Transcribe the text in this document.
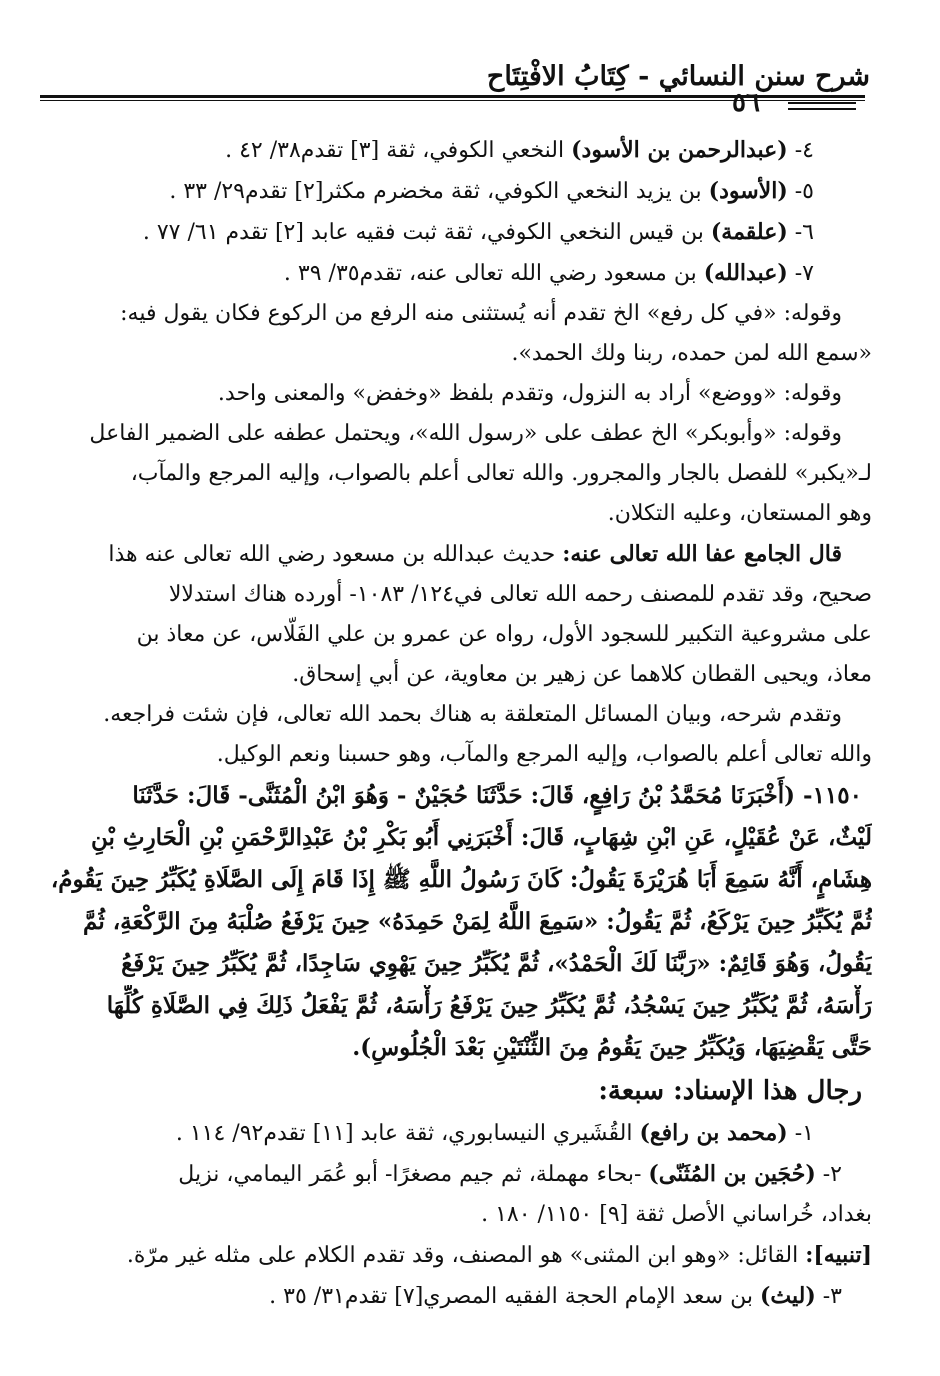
شرح سنن النسائي - كِتَابُ الافْتِتَاح
٥٦

٤- (عبدالرحمن بن الأسود) النخعي الكوفي، ثقة [٣] تقدم٣٨/ ٤٢ .

٥- (الأسود) بن يزيد النخعي الكوفي، ثقة مخضرم مكثر[٢] تقدم٢٩/ ٣٣ .

٦- (علقمة) بن قيس النخعي الكوفي، ثقة ثبت فقيه عابد [٢] تقدم ٦١/ ٧٧ .

٧- (عبدالله) بن مسعود رضي الله تعالى عنه، تقدم٣٥/ ٣٩ .

وقوله: «في كل رفع» الخ تقدم أنه يُستثنى منه الرفع من الركوع فكان يقول فيه:

«سمع الله لمن حمده، ربنا ولك الحمد».

وقوله: «ووضع» أراد به النزول، وتقدم بلفظ «وخفض» والمعنى واحد.

وقوله: «وأبوبكر» الخ عطف على «رسول الله»، ويحتمل عطفه على الضمير الفاعل

لـ«يكبر» للفصل بالجار والمجرور. والله تعالى أعلم بالصواب، وإليه المرجع والمآب،

وهو المستعان، وعليه التكلان.

قال الجامع عفا الله تعالى عنه: حديث عبدالله بن مسعود رضي الله تعالى عنه هذا

صحيح، وقد تقدم للمصنف رحمه الله تعالى في١٢٤/ ١٠٨٣- أورده هناك استدلالا

على مشروعية التكبير للسجود الأول، رواه عن عمرو بن علي الفَلّاس، عن معاذ بن

معاذ، ويحيى القطان كلاهما عن زهير بن معاوية، عن أبي إسحاق.

وتقدم شرحه، وبيان المسائل المتعلقة به هناك بحمد الله تعالى، فإن شئت فراجعه.

والله تعالى أعلم بالصواب، وإليه المرجع والمآب، وهو حسبنا ونعم الوكيل.

١١٥٠- (أَخْبَرَنَا مُحَمَّدُ بْنُ رَافِعٍ، قَالَ: حَدَّثَنَا حُجَيْنٌ - وَهُوَ ابْنُ الْمُثَنَّى- قَالَ: حَدَّثَنَا

لَيْثٌ، عَنْ عُقَيْلٍ، عَنِ ابْنِ شِهَابٍ، قَالَ: أَخْبَرَنِي أَبُو بَكْرِ بْنُ عَبْدِالرَّحْمَنِ بْنِ الْحَارِثِ بْنِ

هِشَامٍ، أَنَّهُ سَمِعَ أَبَا هُرَيْرَةَ يَقُولُ: كَانَ رَسُولُ اللَّهِ ﷺ إِذَا قَامَ إِلَى الصَّلَاةِ يُكَبِّرُ حِينَ يَقُومُ،

ثُمَّ يُكَبِّرُ حِينَ يَرْكَعُ، ثُمَّ يَقُولُ: «سَمِعَ اللَّهُ لِمَنْ حَمِدَهُ» حِينَ يَرْفَعُ صُلْبَهُ مِنَ الرَّكْعَةِ، ثُمَّ

يَقُولُ، وَهُوَ قَائِمٌ: «رَبَّنَا لَكَ الْحَمْدُ»، ثُمَّ يُكَبِّرُ حِينَ يَهْوِي سَاجِدًا، ثُمَّ يُكَبِّرُ حِينَ يَرْفَعُ

رَأْسَهُ، ثُمَّ يُكَبِّرُ حِينَ يَسْجُدُ، ثُمَّ يُكَبِّرُ حِينَ يَرْفَعُ رَأْسَهُ، ثُمَّ يَفْعَلُ ذَلِكَ فِي الصَّلَاةِ كُلِّهَا

حَتَّى يَقْضِيَهَا، وَيُكَبِّرُ حِينَ يَقُومُ مِنَ الثِّنْتَيْنِ بَعْدَ الْجُلُوسِ).

رجال هذا الإسناد: سبعة:

١- (محمد بن رافع) القُشَيري النيسابوري، ثقة عابد [١١] تقدم٩٢/ ١١٤ .

٢- (حُجَين بن المُثَنّى) -بحاء مهملة، ثم جيم مصغرًا- أبو عُمَر اليمامي، نزيل

بغداد، خُراساني الأصل ثقة [٩] ١١٥٠/ ١٨٠ .

[تنبيه]: القائل: «وهو ابن المثنى» هو المصنف، وقد تقدم الكلام على مثله غير مرّة.

٣- (ليث) بن سعد الإمام الحجة الفقيه المصري[٧] تقدم٣١/ ٣٥ .
